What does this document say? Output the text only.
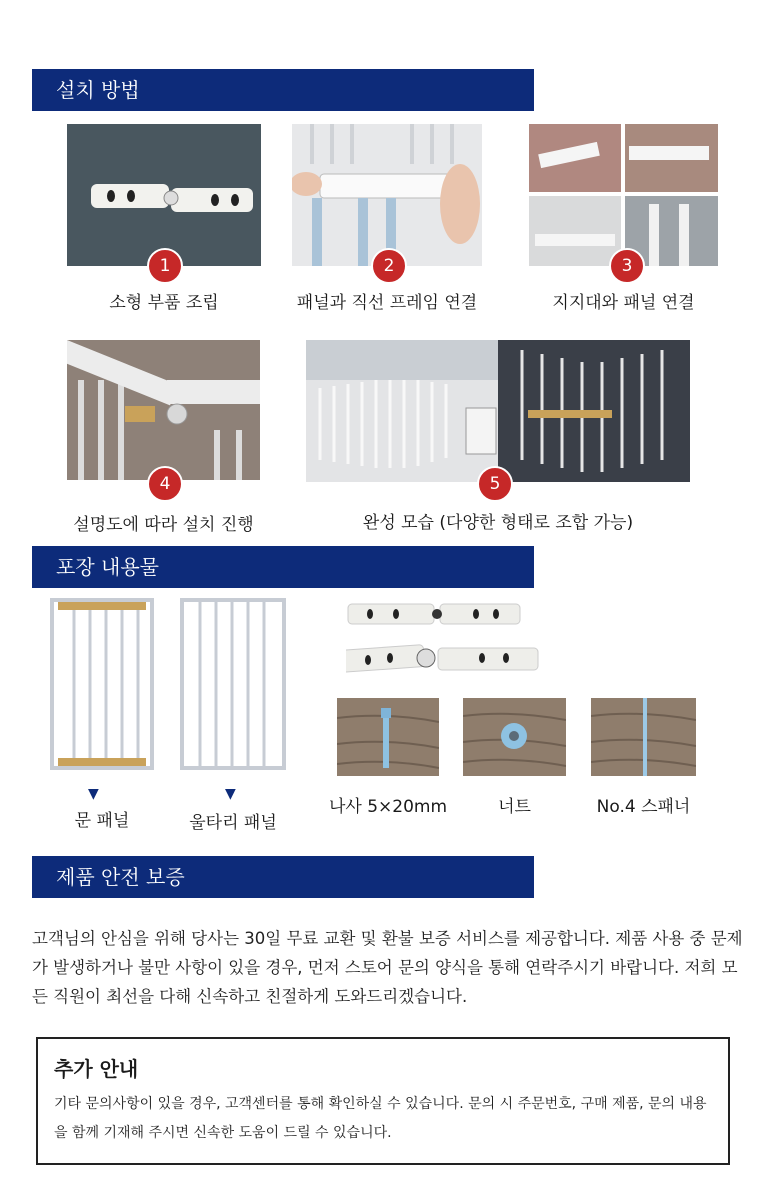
설치 방법
1
소형 부품 조립
2
패널과 직선 프레임 연결
3
지지대와 패널 연결
4
설명도에 따라 설치 진행
5
완성 모습 (다양한 형태로 조합 가능)
포장 내용물
▼
문 패널
▼
울타리 패널
나사 5×20mm	너트	No.4 스패너
제품 안전 보증
고객님의 안심을 위해 당사는 30일 무료 교환 및 환불 보증 서비스를 제공합니다. 제품 사용 중 문제가 발생하거나 불만 사항이 있을 경우, 먼저 스토어 문의 양식을 통해 연락주시기 바랍니다. 저희 모든 직원이 최선을 다해 신속하고 친절하게 도와드리겠습니다.
추가 안내
기타 문의사항이 있을 경우, 고객센터를 통해 확인하실 수 있습니다. 문의 시 주문번호, 구매 제품, 문의 내용을 함께 기재해 주시면 신속한 도움이 드릴 수 있습니다.
